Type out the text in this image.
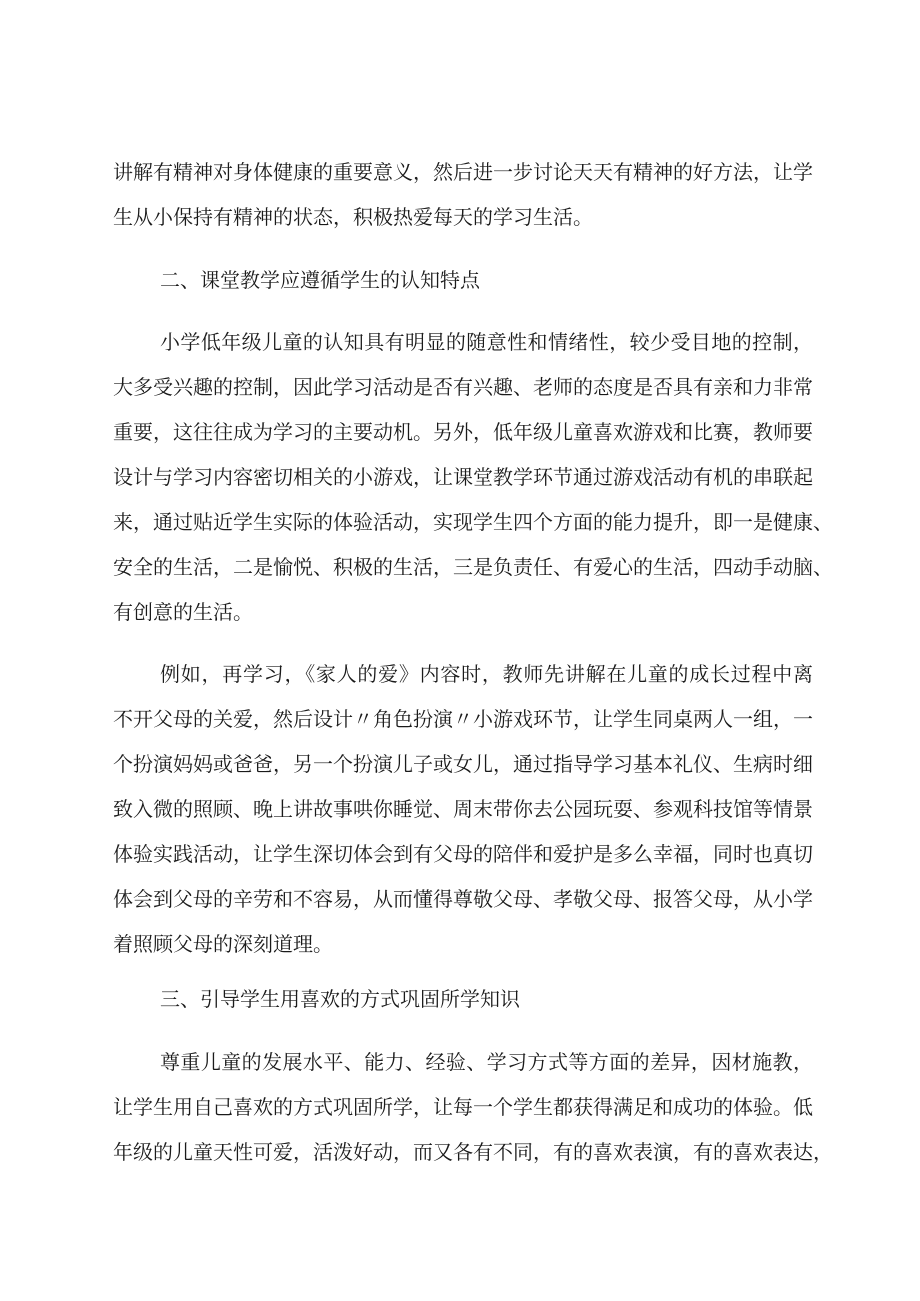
讲解有精神对身体健康的重要意义，然后进一步讨论天天有精神的好方法，让学
生从小保持有精神的状态，积极热爱每天的学习生活。
二、课堂教学应遵循学生的认知特点
小学低年级儿童的认知具有明显的随意性和情绪性，较少受目地的控制，
大多受兴趣的控制，因此学习活动是否有兴趣、老师的态度是否具有亲和力非常
重要，这往往成为学习的主要动机。另外，低年级儿童喜欢游戏和比赛，教师要
设计与学习内容密切相关的小游戏，让课堂教学环节通过游戏活动有机的串联起
来，通过贴近学生实际的体验活动，实现学生四个方面的能力提升，即一是健康、
安全的生活，二是愉悦、积极的生活，三是负责任、有爱心的生活，四动手动脑、
有创意的生活。
例如，再学习，《家人的爱》内容时，教师先讲解在儿童的成长过程中离
不开父母的关爱，然后设计〃角色扮演〃小游戏环节，让学生同桌两人一组，一
个扮演妈妈或爸爸，另一个扮演儿子或女儿，通过指导学习基本礼仪、生病时细
致入微的照顾、晚上讲故事哄你睡觉、周末带你去公园玩耍、参观科技馆等情景
体验实践活动，让学生深切体会到有父母的陪伴和爱护是多么幸福，同时也真切
体会到父母的辛劳和不容易，从而懂得尊敬父母、孝敬父母、报答父母，从小学
着照顾父母的深刻道理。
三、引导学生用喜欢的方式巩固所学知识
尊重儿童的发展水平、能力、经验、学习方式等方面的差异，因材施教，
让学生用自己喜欢的方式巩固所学，让每一个学生都获得满足和成功的体验。低
年级的儿童天性可爱，活泼好动，而又各有不同，有的喜欢表演，有的喜欢表达，
